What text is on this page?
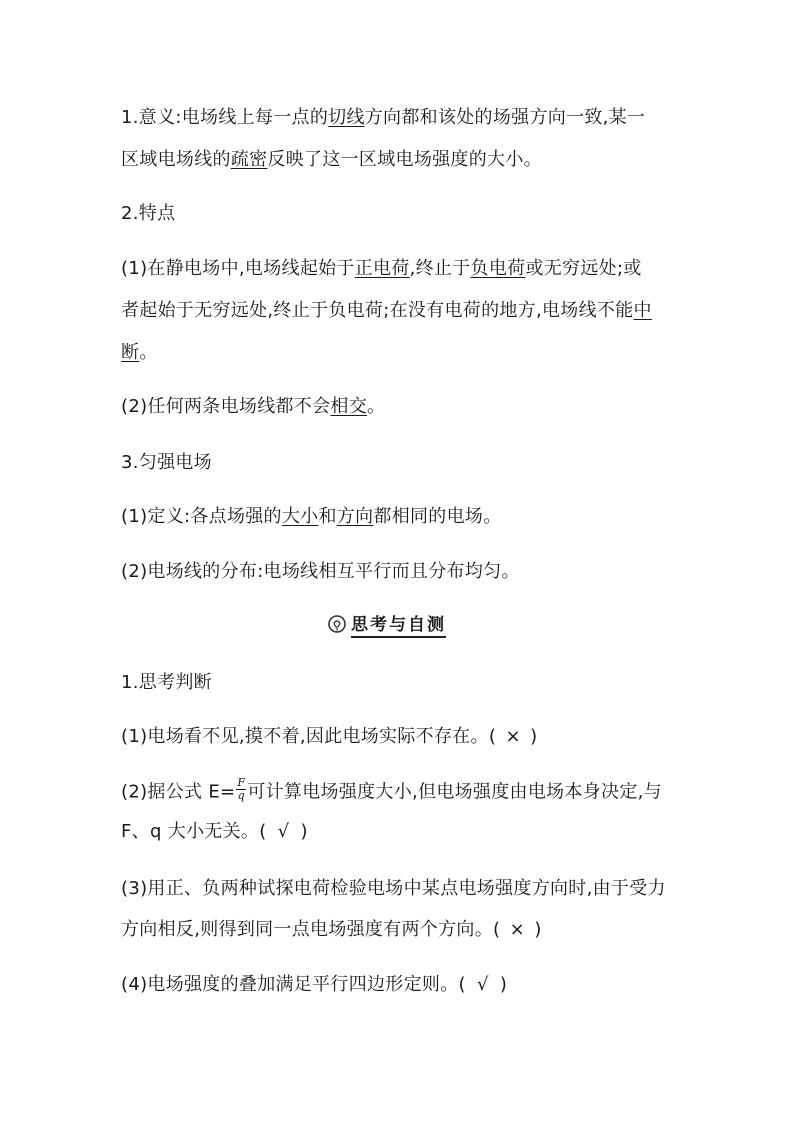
1.意义:电场线上每一点的切线方向都和该处的场强方向一致,某一
区域电场线的疏密反映了这一区域电场强度的大小。
2.特点
(1)在静电场中,电场线起始于正电荷,终止于负电荷或无穷远处;或
者起始于无穷远处,终止于负电荷;在没有电荷的地方,电场线不能中
断。
(2)任何两条电场线都不会相交。
3.匀强电场
(1)定义:各点场强的大小和方向都相同的电场。
(2)电场线的分布:电场线相互平行而且分布均匀。
思考与自测
1.思考判断
(1)电场看不见,摸不着,因此电场实际不存在。( × )
(2)据公式 $E= \frac{F}{q}$ 可计算电场强度大小,但电场强度由电场本身决定,与
F、q 大小无关。( √ )
(3)用正、负两种试探电荷检验电场中某点电场强度方向时,由于受力
方向相反,则得到同一点电场强度有两个方向。( × )
(4)电场强度的叠加满足平行四边形定则。( √ )
